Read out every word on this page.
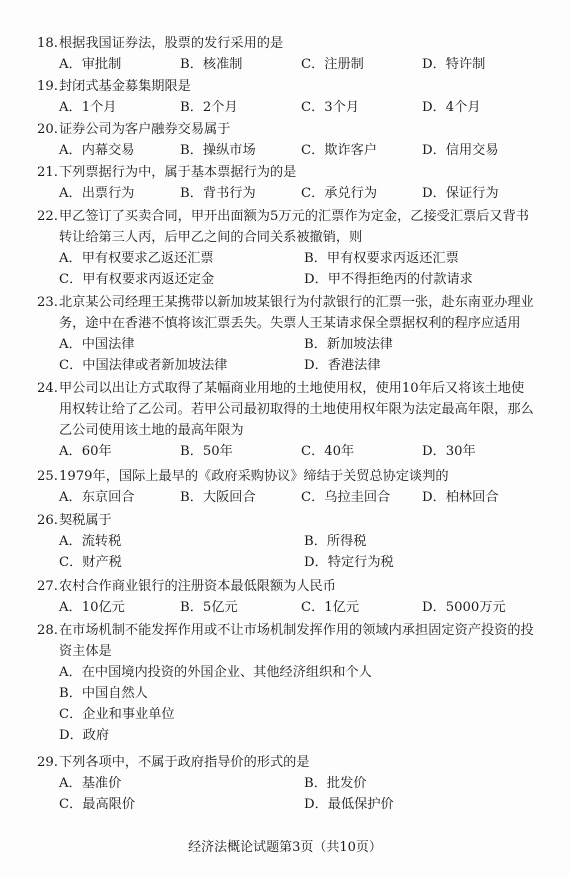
18.根据我国证券法，股票的发行采用的是
A．审批制	B．核准制	C．注册制	D．特许制
19.封闭式基金募集期限是
A．1个月	B．2个月	C．3个月	D．4个月
20.证券公司为客户融券交易属于
A．内幕交易	B．操纵市场	C．欺诈客户	D．信用交易
21.下列票据行为中，属于基本票据行为的是
A．出票行为	B．背书行为	C．承兑行为	D．保证行为
22.甲乙签订了买卖合同，甲开出面额为5万元的汇票作为定金，乙接受汇票后又背书
转让给第三人丙，后甲乙之间的合同关系被撤销，则
A．甲有权要求乙返还汇票	B．甲有权要求丙返还汇票
C．甲有权要求丙返还定金	D．甲不得拒绝丙的付款请求
23.北京某公司经理王某携带以新加坡某银行为付款银行的汇票一张，赴东南亚办理业
务，途中在香港不慎将该汇票丢失。失票人王某请求保全票据权利的程序应适用
A．中国法律	B．新加坡法律
C．中国法律或者新加坡法律	D．香港法律
24.甲公司以出让方式取得了某幅商业用地的土地使用权，使用10年后又将该土地使
用权转让给了乙公司。若甲公司最初取得的土地使用权年限为法定最高年限，那么
乙公司使用该土地的最高年限为
A．60年	B．50年	C．40年	D．30年
25.1979年，国际上最早的《政府采购协议》缔结于关贸总协定谈判的
A．东京回合	B．大阪回合	C．乌拉圭回合	D．柏林回合
26.契税属于
A．流转税	B．所得税
C．财产税	D．特定行为税
27.农村合作商业银行的注册资本最低限额为人民币
A．10亿元	B．5亿元	C．1亿元	D．5000万元
28.在市场机制不能发挥作用或不让市场机制发挥作用的领域内承担固定资产投资的投
资主体是
A．在中国境内投资的外国企业、其他经济组织和个人
B．中国自然人
C．企业和事业单位
D．政府
29.下列各项中，不属于政府指导价的形式的是
A．基准价	B．批发价
C．最高限价	D．最低保护价
经济法概论试题第3页（共10页）
